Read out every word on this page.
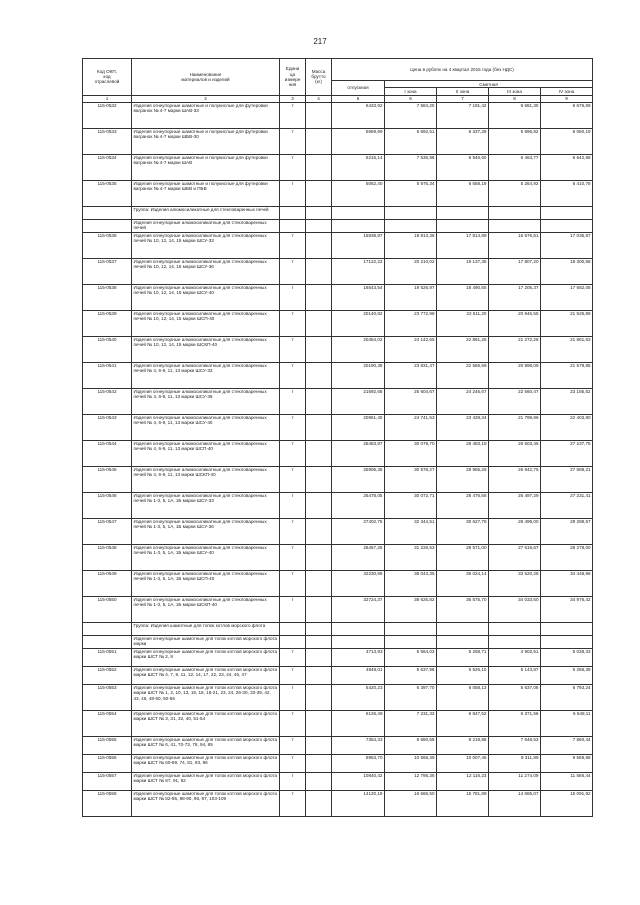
217
Код ОКП,
код
отраслевой	Наименование
материалов и изделий	Едини
ца
измере
ния	Масса
брутто
(кг)	Цена в рублях на 4 квартал 2015 года (без НДС)				
				отпускная	Сметная			
					I зона	II зона	III зона	IV зона
1	2	3	4	5	6	7	8	9
115-0532	Изделия огнеупорные шамотные и полукислые для футеровки вагранок № 4-7 марки ШАВ-33	т		6433,92	7 584,20	7 191,42	6 681,30	6 676,69
115-0533	Изделия огнеупорные шамотные и полукислые для футеровки вагранок № 4-7 марки ШБВ-30	т		5669,99	6 692,51	6 337,29	5 896,82	6 060,19
115-0534	Изделия огнеупорные шамотные и полукислые для футеровки вагранок № 4-7 марки ШАВ	т		6215,14	7 535,96	6 946,60	6 463,77	6 642,88
115-0535	Изделия огнеупорные шамотные и полукислые для футеровки вагранок № 4-7 марки ШБВ и ПБВ	т		5062,40	5 975,34	5 658,19	5 264,92	5 410,78
	Группа: Изделия алюмосиликатные для стекловаренных печей							
	Изделия огнеупорные алюмосиликатные для стекловаренных печей							
115-0536	Изделия огнеупорные алюмосиликатные для стекловаренных печей № 10, 12, 14, 15 марки ШСУ-33	т		15938,97	18 813,38	17 814,89	16 576,61	17 035,87
115-0537	Изделия огнеупорные алюмосиликатные для стекловаренных печей № 10, 12, 14, 15 марки ШСУ-36	т		17122,23	20 210,02	19 137,35	17 807,20	18 300,58
115-0538	Изделия огнеупорные алюмосиликатные для стекловаренных печей № 10, 12, 14, 15 марки ШСУ-40	т		16543,54	19 526,97	18 490,55	17 205,37	17 682,05
115-0539	Изделия огнеупорные алюмосиликатные для стекловаренных печей № 10, 12, 14, 15 марки ШСП-40	т		20140,82	23 772,98	22 511,20	20 946,55	21 526,89
115-0540	Изделия огнеупорные алюмосиликатные для стекловаренных печей № 10, 12, 14, 15 марки ШСКП-40	т		20454,02	24 142,65	22 861,25	21 272,28	21 861,63
115-0541	Изделия огнеупорные алюмосиликатные для стекловаренных печей № 4, 6-9, 11, 13 марки ШСУ-33	т		20190,38	23 831,47	22 566,59	20 998,09	21 579,85
115-0542	Изделия огнеупорные алюмосиликатные для стекловаренных печей № 4, 6-9, 11, 13 марки ШСУ-36	т		21692,66	25 604,67	24 245,67	22 560,47	23 185,52
115-0543	Изделия огнеупорные алюмосиликатные для стекловаренных печей № 4, 6-9, 11, 13 марки ШСУ-40	т		20961,40	24 741,53	23 428,34	21 799,86	22 403,80
115-0544	Изделия огнеупорные алюмосиликатные для стекловаренных печей № 4, 6-9, 11, 13 марки ШСП-40	т		25483,97	30 079,70	28 483,18	26 503,46	27 237,75
115-0545	Изделия огнеупорные алюмосиликатные для стекловаренных печей № 4, 6-9, 11, 13 марки ШСКП-40	т		25906,36	30 578,27	28 955,26	26 942,75	27 689,21
115-0546	Изделия огнеупорные алюмосиликатные для стекловаренных печей № 1-3, 5, 1А, 1Б марки ШСУ-33	т		25478,05	30 072,71	28 476,56	26 497,29	27 231,41
115-0547	Изделия огнеупорные алюмосиликатные для стекловаренных печей № 1-3, 5, 1А, 1Б марки ШСУ-36	т		27402,75	32 344,51	30 627,78	28 499,00	29 288,57
115-0548	Изделия огнеупорные алюмосиликатные для стекловаренных печей № 1-3, 5, 1А, 1Б марки ШСУ-40	т		26457,25	31 228,53	29 571,00	27 515,67	28 278,00
115-0549	Изделия огнеупорные алюмосиликатные для стекловаренных печей № 1-3, 5, 1А, 1Б марки ШСП-40	т		32230,89	38 043,35	36 024,14	33 520,28	34 448,98
115-0550	Изделия огнеупорные алюмосиликатные для стекловаренных печей № 1-3, 5, 1А, 1Б марки ШСКП-40	т		32724,37	38 625,82	36 575,70	34 033,50	34 976,42
	Группа: Изделия шамотные для топок котлов морского флота							
	Изделия огнеупорные шамотные для топок котлов морского флота марки							
115-0551	Изделия огнеупорные шамотные для топок котлов морского флота марки ШСТ № 2, 8	т		4713,93	5 564,03	5 268,71	4 902,51	5 038,33
115-0552	Изделия огнеупорные шамотные для топок котлов морского флота марки ШСТ № 4, 7, 9, 11, 12, 14, 17, 22, 23, 44, 45, 47	т		4949,01	5 637,96	5 526,10	5 143,87	5 286,39
115-0553	Изделия огнеупорные шамотные для топок котлов морского флота марки ШСТ № 1, 2, 10, 13, 15, 18, 18-21, 23, 24, 26-30, 33-39, 42, 43, 46, 48-50, 50-56	т		5420,23	6 397,70	6 058,13	5 637,06	5 793,24
115-0554	Изделия огнеупорные шамотные для топок котлов морского флота марки ШСТ № 3, 31, 32, 40, 51-54	т		6126,49	7 231,33	6 847,52	6 371,56	6 548,11
115-0555	Изделия огнеупорные шамотные для топок котлов морского флота марки ШСТ № 6, 41, 70-73, 78, 94, 95	т		7354,33	8 680,59	8 219,86	7 648,53	7 860,44
115-0556	Изделия огнеупорные шамотные для топок котлов морского флота марки ШСТ № 60-69, 74, 81, 93, 96	т		8953,70	10 568,39	10 007,46	9 311,89	9 569,88
115-0557	Изделия огнеупорные шамотные для топок котлов морского флота марки ШСТ № 87, 91, 92	т		10840,42	12 795,36	12 116,23	11 274,09	11 586,44
115-0558	Изделия огнеупорные шамотные для топок котлов морского флота марки ШСТ № 82-85, 88-90, 96, 97, 103-109	т		14120,19	16 666,50	15 781,89	14 685,07	15 091,92
